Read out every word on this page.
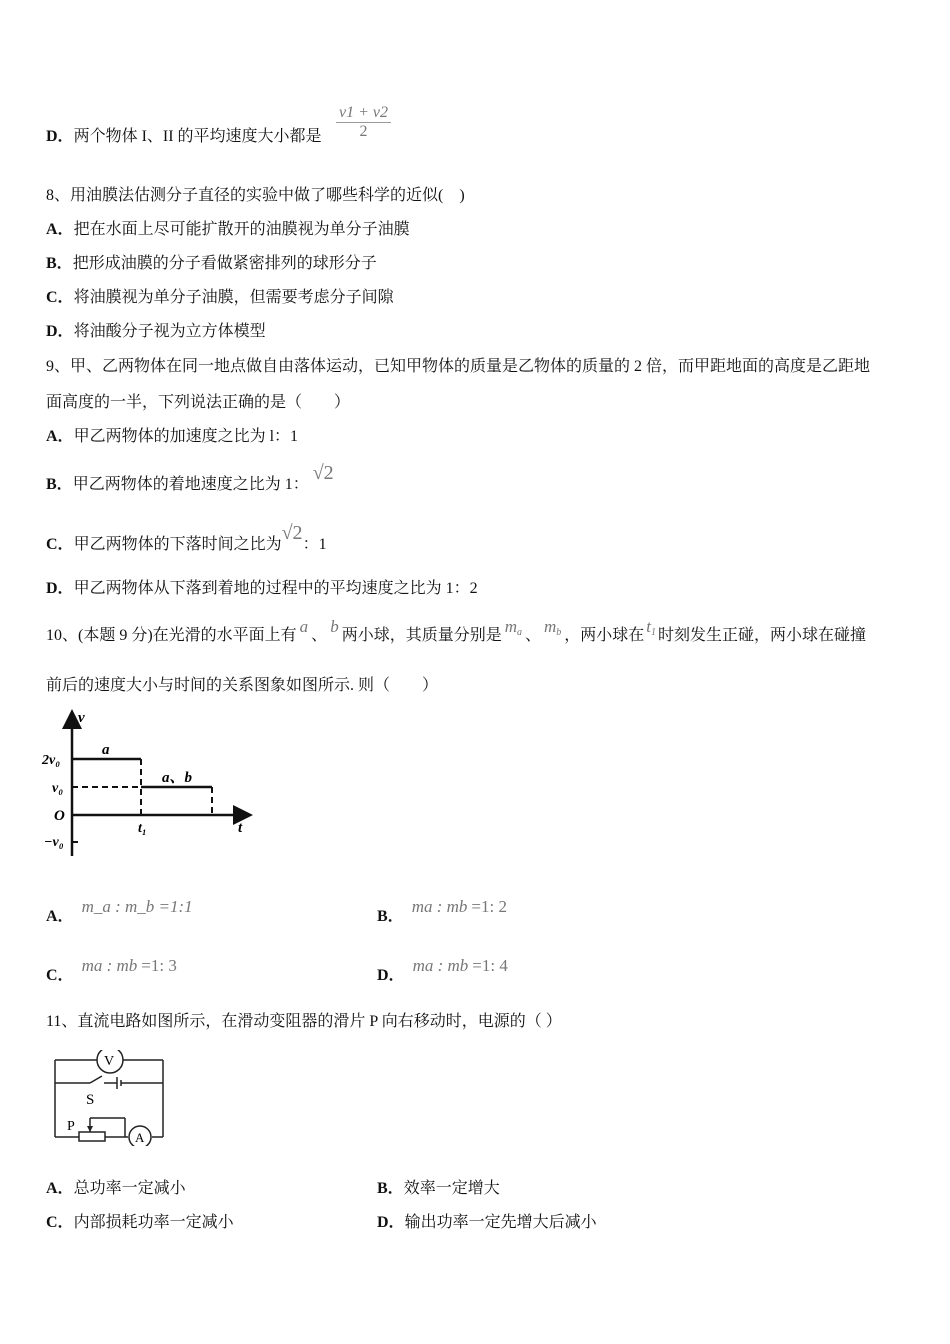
D．两个物体 I、II 的平均速度大小都是 $\frac{v1 + v2}{2}$
8、用油膜法估测分子直径的实验中做了哪些科学的近似(　)
A．把在水面上尽可能扩散开的油膜视为单分子油膜
B．把形成油膜的分子看做紧密排列的球形分子
C．将油膜视为单分子油膜，但需要考虑分子间隙
D．将油酸分子视为立方体模型
9、甲、乙两物体在同一地点做自由落体运动，已知甲物体的质量是乙物体的质量的 2 倍，而甲距地面的高度是乙距地
面高度的一半，下列说法正确的是（　　）
A．甲乙两物体的加速度之比为 l：1
B．甲乙两物体的着地速度之比为 1：√2
C．甲乙两物体的下落时间之比为√2：1
D．甲乙两物体从下落到着地的过程中的平均速度之比为 1：2
10、(本题 9 分)在光滑的水平面上有 a 、 b 两小球，其质量分别是 $m_a$ 、 $m_b$ ，两小球在 $t_1$ 时刻发生正碰，两小球在碰撞
前后的速度大小与时间的关系图象如图所示. 则（　　）
v
t
O
2v₀
v₀
−v₀
t₁
a
a、b
A．m_a : m_b =1:1
B．ma : mb =1: 2
C．ma : mb =1: 3
D．ma : mb =1: 4
11、直流电路如图所示，在滑动变阻器的滑片 P 向右移动时，电源的（ ）
V
A
S
P
A．总功率一定减小	B．效率一定增大
C．内部损耗功率一定减小	D．输出功率一定先增大后减小
